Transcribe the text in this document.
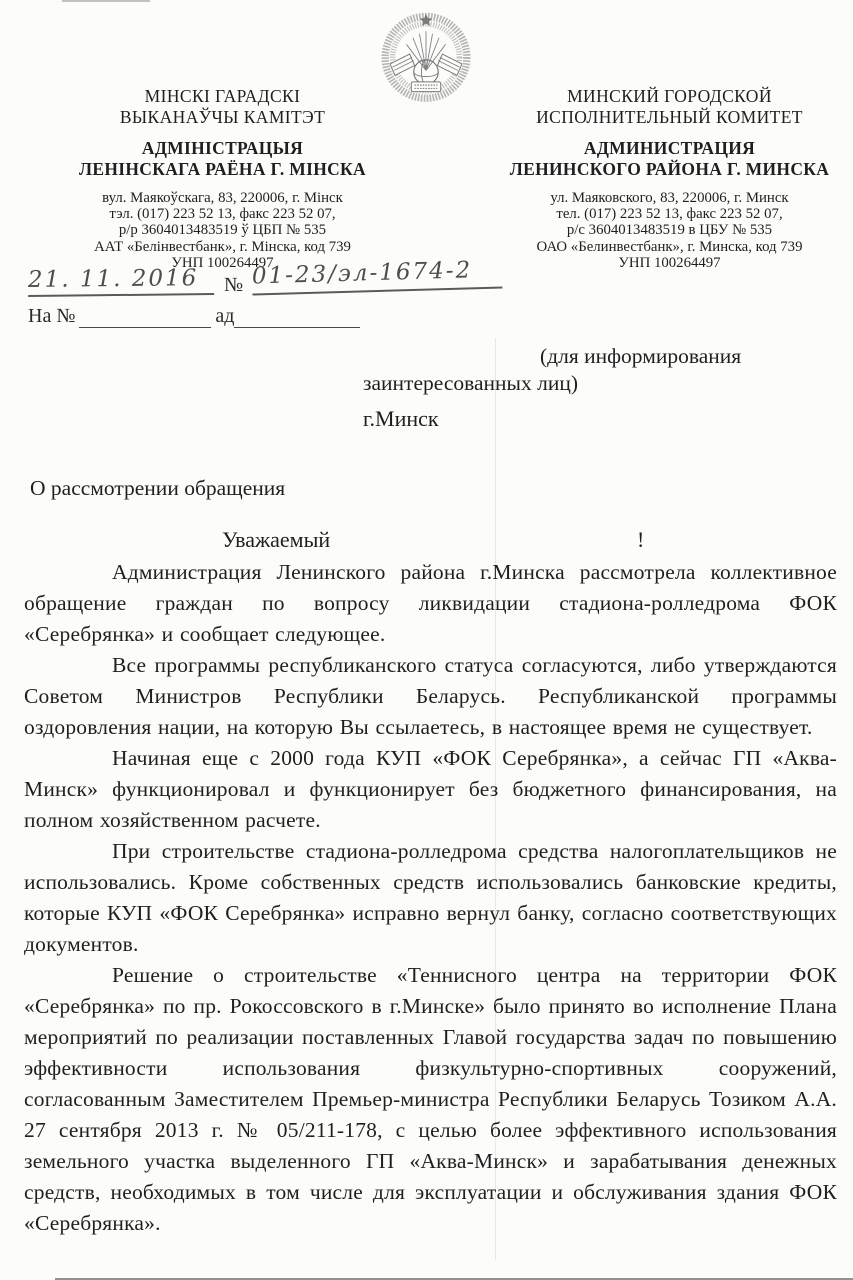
МІНСКІ ГАРАДСКІ
ВЫКАНАЎЧЫ КАМІТЭТ
АДМІНІСТРАЦЫЯ
ЛЕНІНСКАГА РАЁНА Г. МІНСКА
вул. Маякоўскага, 83, 220006, г. Мінск
тэл. (017) 223 52 13, факс 223 52 07,
р/р 3604013483519 ў ЦБП № 535
ААТ «Белінвестбанк», г. Мінска, код 739
УНП 100264497
МИНСКИЙ ГОРОДСКОЙ
ИСПОЛНИТЕЛЬНЫЙ КОМИТЕТ
АДМИНИСТРАЦИЯ
ЛЕНИНСКОГО РАЙОНА Г. МИНСКА
ул. Маяковского, 83, 220006, г. Минск
тел. (017) 223 52 13, факс 223 52 07,
р/с 3604013483519 в ЦБУ № 535
ОАО «Белинвестбанк», г. Минска, код 739
УНП 100264497
21. 11. 2016	№ 01-23/эл-1674-2
На №	ад
(для информирования
заинтересованных лиц)
г.Минск
О рассмотрении обращения
Уважаемый	!

Администрация Ленинского района г.Минска рассмотрела коллективное обращение граждан по вопросу ликвидации стадиона-ролледрома ФОК «Серебрянка» и сообщает следующее.

Все программы республиканского статуса согласуются, либо утверждаются Советом Министров Республики Беларусь. Республиканской программы оздоровления нации, на которую Вы ссылаетесь, в настоящее время не существует.

Начиная еще с 2000 года КУП «ФОК Серебрянка», а сейчас ГП «Аква-Минск» функционировал и функционирует без бюджетного финансирования, на полном хозяйственном расчете.

При строительстве стадиона-ролледрома средства налогоплательщиков не использовались. Кроме собственных средств использовались банковские кредиты, которые КУП «ФОК Серебрянка» исправно вернул банку, согласно соответствующих документов.

Решение о строительстве «Теннисного центра на территории ФОК «Серебрянка» по пр. Рокоссовского в г.Минске» было принято во исполнение Плана мероприятий по реализации поставленных Главой государства задач по повышению эффективности использования физкультурно-спортивных сооружений, согласованным Заместителем Премьер-министра Республики Беларусь Тозиком А.А. 27 сентября 2013 г. № 05/211-178, с целью более эффективного использования земельного участка выделенного ГП «Аква-Минск» и зарабатывания денежных средств, необходимых в том числе для эксплуатации и обслуживания здания ФОК «Серебрянка».
